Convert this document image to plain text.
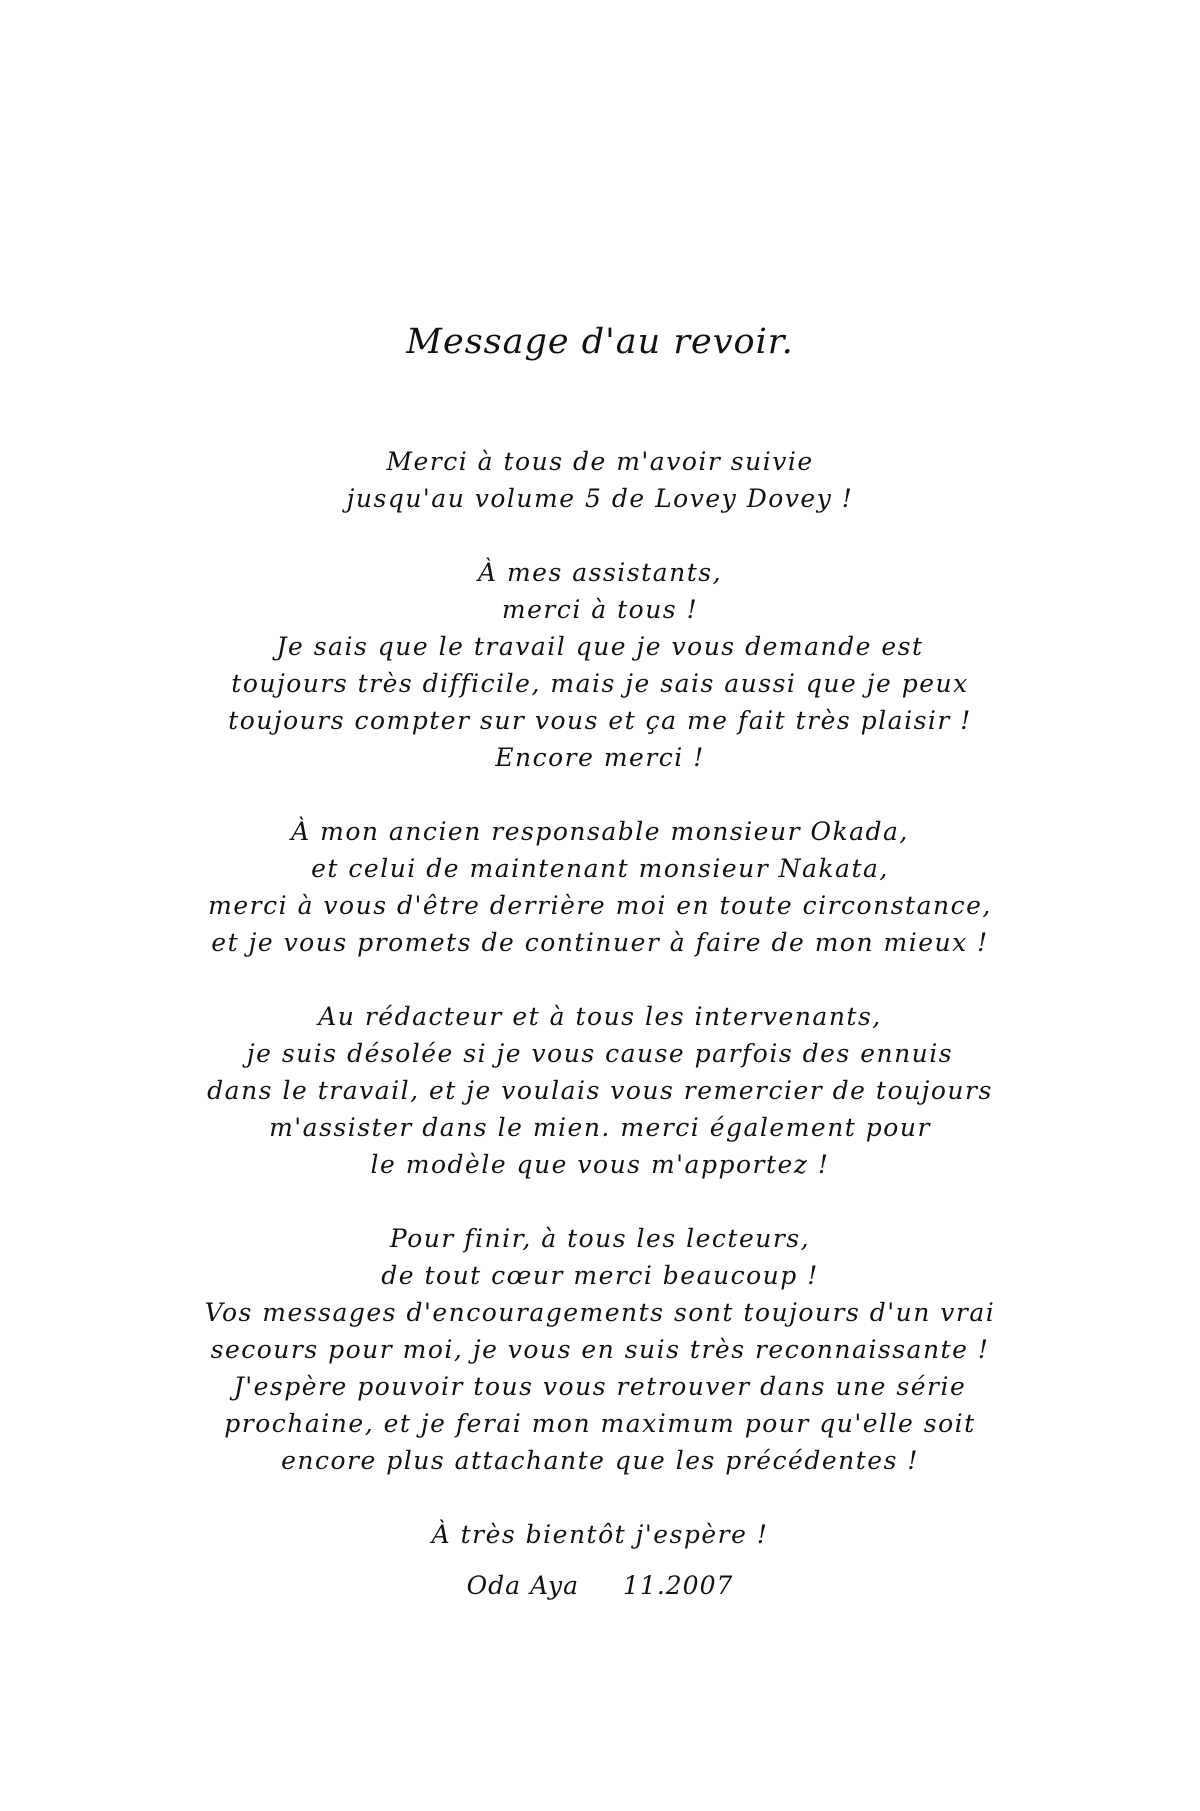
Message d'au revoir.
Merci à tous de m'avoir suivie
jusqu'au volume 5 de Lovey Dovey !
À mes assistants,
merci à tous !
Je sais que le travail que je vous demande est
toujours très difficile, mais je sais aussi que je peux
toujours compter sur vous et ça me fait très plaisir !
Encore merci !
À mon ancien responsable monsieur Okada,
et celui de maintenant monsieur Nakata,
merci à vous d'être derrière moi en toute circonstance,
et je vous promets de continuer à faire de mon mieux !
Au rédacteur et à tous les intervenants,
je suis désolée si je vous cause parfois des ennuis
dans le travail, et je voulais vous remercier de toujours
m'assister dans le mien. merci également pour
le modèle que vous m'apportez !
Pour finir, à tous les lecteurs,
de tout cœur merci beaucoup !
Vos messages d'encouragements sont toujours d'un vrai
secours pour moi, je vous en suis très reconnaissante !
J'espère pouvoir tous vous retrouver dans une série
prochaine, et je ferai mon maximum pour qu'elle soit
encore plus attachante que les précédentes !
À très bientôt j'espère !
Oda Aya 11.2007
